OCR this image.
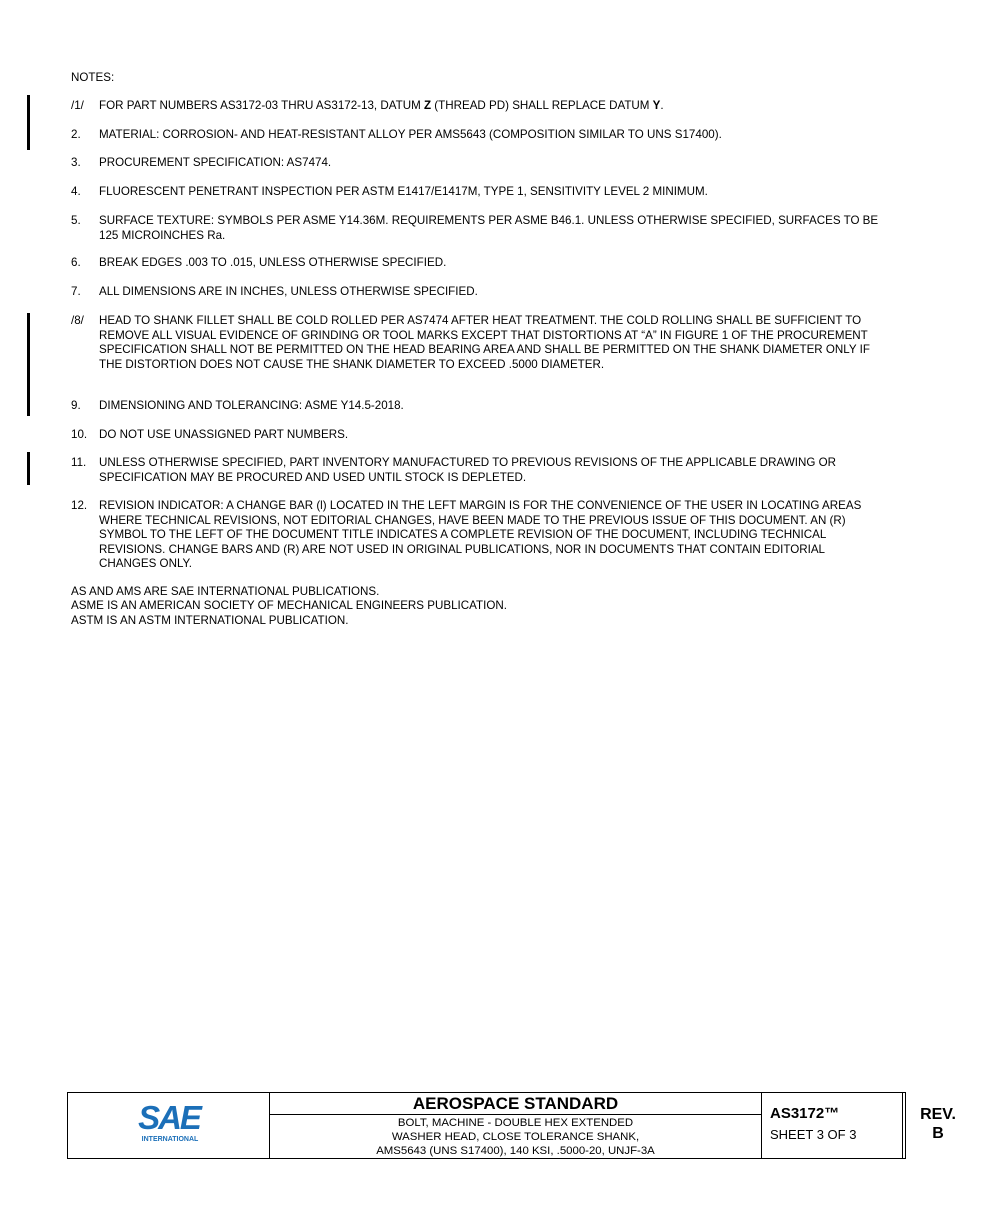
NOTES:
/1/	FOR PART NUMBERS AS3172-03 THRU AS3172-13, DATUM Z (THREAD PD) SHALL REPLACE DATUM Y.
2.	MATERIAL: CORROSION- AND HEAT-RESISTANT ALLOY PER AMS5643 (COMPOSITION SIMILAR TO UNS S17400).
3.	PROCUREMENT SPECIFICATION: AS7474.
4.	FLUORESCENT PENETRANT INSPECTION PER ASTM E1417/E1417M, TYPE 1, SENSITIVITY LEVEL 2 MINIMUM.
5.	SURFACE TEXTURE: SYMBOLS PER ASME Y14.36M. REQUIREMENTS PER ASME B46.1. UNLESS OTHERWISE SPECIFIED, SURFACES TO BE 125 MICROINCHES Ra.
6.	BREAK EDGES .003 TO .015, UNLESS OTHERWISE SPECIFIED.
7.	ALL DIMENSIONS ARE IN INCHES, UNLESS OTHERWISE SPECIFIED.
/8/	HEAD TO SHANK FILLET SHALL BE COLD ROLLED PER AS7474 AFTER HEAT TREATMENT. THE COLD ROLLING SHALL BE SUFFICIENT TO REMOVE ALL VISUAL EVIDENCE OF GRINDING OR TOOL MARKS EXCEPT THAT DISTORTIONS AT “A” IN FIGURE 1 OF THE PROCUREMENT SPECIFICATION SHALL NOT BE PERMITTED ON THE HEAD BEARING AREA AND SHALL BE PERMITTED ON THE SHANK DIAMETER ONLY IF THE DISTORTION DOES NOT CAUSE THE SHANK DIAMETER TO EXCEED .5000 DIAMETER.
9.	DIMENSIONING AND TOLERANCING: ASME Y14.5-2018.
10.	DO NOT USE UNASSIGNED PART NUMBERS.
11.	UNLESS OTHERWISE SPECIFIED, PART INVENTORY MANUFACTURED TO PREVIOUS REVISIONS OF THE APPLICABLE DRAWING OR SPECIFICATION MAY BE PROCURED AND USED UNTIL STOCK IS DEPLETED.
12.	REVISION INDICATOR: A CHANGE BAR (l) LOCATED IN THE LEFT MARGIN IS FOR THE CONVENIENCE OF THE USER IN LOCATING AREAS WHERE TECHNICAL REVISIONS, NOT EDITORIAL CHANGES, HAVE BEEN MADE TO THE PREVIOUS ISSUE OF THIS DOCUMENT. AN (R) SYMBOL TO THE LEFT OF THE DOCUMENT TITLE INDICATES A COMPLETE REVISION OF THE DOCUMENT, INCLUDING TECHNICAL REVISIONS. CHANGE BARS AND (R) ARE NOT USED IN ORIGINAL PUBLICATIONS, NOR IN DOCUMENTS THAT CONTAIN EDITORIAL CHANGES ONLY.
AS AND AMS ARE SAE INTERNATIONAL PUBLICATIONS.
ASME IS AN AMERICAN SOCIETY OF MECHANICAL ENGINEERS PUBLICATION.
ASTM IS AN ASTM INTERNATIONAL PUBLICATION.
SAE
INTERNATIONAL
AEROSPACE STANDARD
BOLT, MACHINE - DOUBLE HEX EXTENDED
WASHER HEAD, CLOSE TOLERANCE SHANK,
AMS5643 (UNS S17400), 140 KSI, .5000-20, UNJF-3A
AS3172™
SHEET 3 OF 3
REV.
B
